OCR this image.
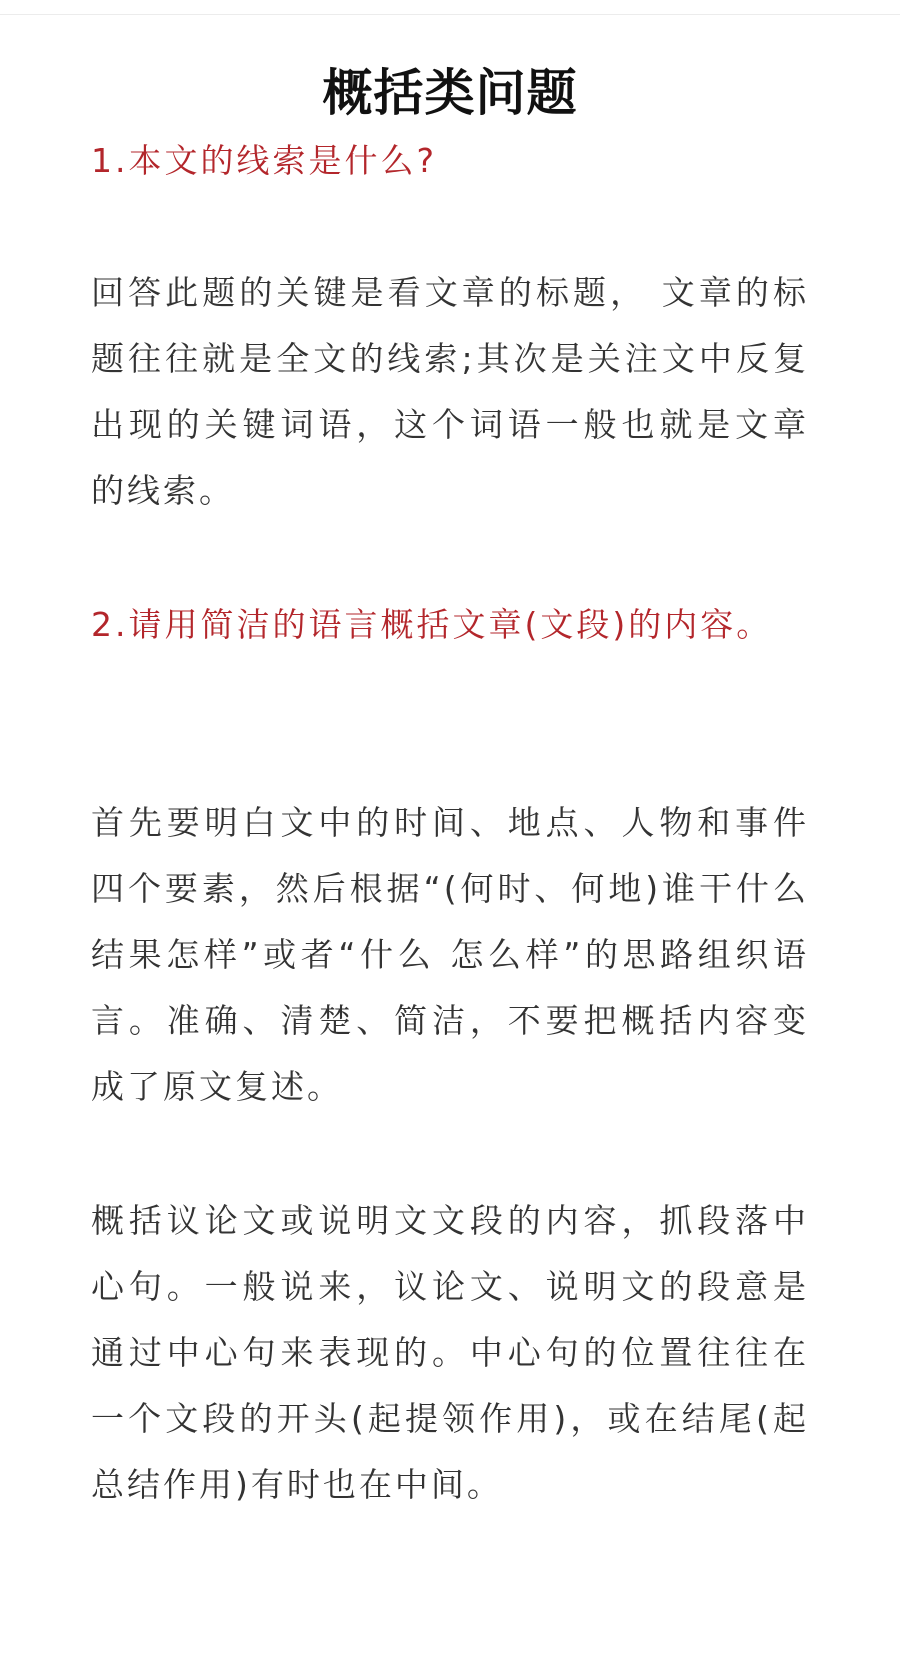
概括类问题

1.本文的线索是什么?

回答此题的关键是看文章的标题， 文章的标题往往就是全文的线索;其次是关注文中反复出现的关键词语，这个词语一般也就是文章的线索。

2.请用简洁的语言概括文章(文段)的内容。

首先要明白文中的时间、地点、人物和事件四个要素，然后根据“(何时、何地)谁干什么 结果怎样”或者“什么 怎么样”的思路组织语言。准确、清楚、简洁，不要把概括内容变成了原文复述。

概括议论文或说明文文段的内容，抓段落中心句。一般说来，议论文、说明文的段意是通过中心句来表现的。中心句的位置往往在一个文段的开头(起提领作用)，或在结尾(起总结作用)有时也在中间。
